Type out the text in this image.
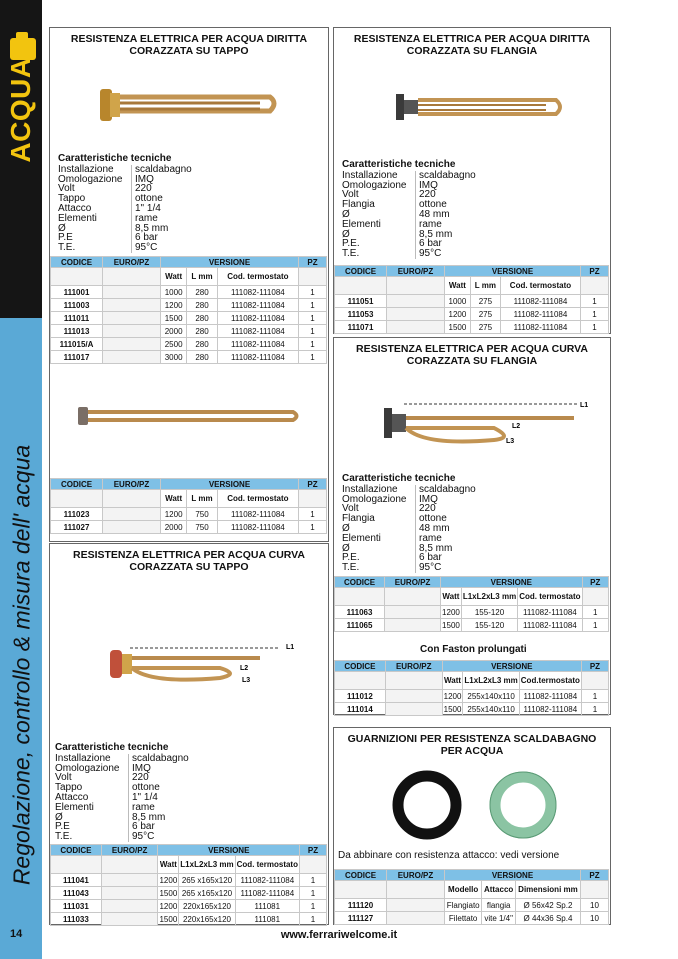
ACQUA
Regolazione, controllo & misura dell' acqua
14	www.ferrariwelcome.it
RESISTENZA ELETTRICA PER ACQUA DIRITTA
CORAZZATA SU TAPPO
Caratteristiche tecniche
Installazione	scaldabagno
Omologazione	IMQ
Volt	220
Tappo	ottone
Attacco	1" 1/4
Elementi	rame
Ø	8,5 mm
P.E	6 bar
T.E.	95°C
CODICE	EURO/PZ	VERSIONE			PZ
		Watt	L mm	Cod. termostato	
111001		1000	280	111082-111084	1
111003		1200	280	111082-111084	1
111011		1500	280	111082-111084	1
111013		2000	280	111082-111084	1
111015/A		2500	280	111082-111084	1
111017		3000	280	111082-111084	1
CODICE	EURO/PZ	VERSIONE			PZ
		Watt	L mm	Cod. termostato	
111023		1200	750	111082-111084	1
111027		2000	750	111082-111084	1
RESISTENZA ELETTRICA PER ACQUA DIRITTA
CORAZZATA SU FLANGIA
Caratteristiche tecniche
Installazione	scaldabagno
Omologazione	IMQ
Volt	220
Flangia	ottone
Ø	48 mm
Elementi	rame
Ø	8,5 mm
P.E.	6 bar
T.E.	95°C
CODICE	EURO/PZ	VERSIONE			PZ
		Watt	L mm	Cod. termostato	
111051		1000	275	111082-111084	1
111053		1200	275	111082-111084	1
111071		1500	275	111082-111084	1
RESISTENZA ELETTRICA PER ACQUA CURVA
CORAZZATA SU FLANGIA
L1
L2
L3
Caratteristiche tecniche
Installazione	scaldabagno
Omologazione	IMQ
Volt	220
Flangia	ottone
Ø	48 mm
Elementi	rame
Ø	8,5 mm
P.E.	6 bar
T.E.	95°C
CODICE	EURO/PZ	VERSIONE			PZ
		Watt	L1xL2xL3 mm	Cod. termostato	
111063		1200	155-120	111082-111084	1
111065		1500	155-120	111082-111084	1
Con Faston prolungati
CODICE	EURO/PZ	VERSIONE			PZ
		Watt	L1xL2xL3 mm	Cod.termostato	
111012		1200	255x140x110	111082-111084	1
111014		1500	255x140x110	111082-111084	1
RESISTENZA ELETTRICA PER ACQUA CURVA
CORAZZATA SU TAPPO
L1
L2
L3
Caratteristiche tecniche
Installazione	scaldabagno
Omologazione	IMQ
Volt	220
Tappo	ottone
Attacco	1" 1/4
Elementi	rame
Ø	8,5 mm
P.E	6 bar
T.E.	95°C
CODICE	EURO/PZ	VERSIONE			PZ
		Watt	L1xL2xL3 mm	Cod. termostato	
111041		1200	265 x165x120	111082-111084	1
111043		1500	265 x165x120	111082-111084	1
111031		1200	220x165x120	111081	1
111033		1500	220x165x120	111081	1
GUARNIZIONI PER RESISTENZA SCALDABAGNO
PER ACQUA
Da abbinare con resistenza attacco: vedi versione
CODICE	EURO/PZ	VERSIONE			PZ
		Modello	Attacco	Dimensioni mm	
111120		Flangiato	flangia	Ø 56x42 Sp.2	10
111127		Filettato	vite 1/4"	Ø 44x36 Sp.4	10
